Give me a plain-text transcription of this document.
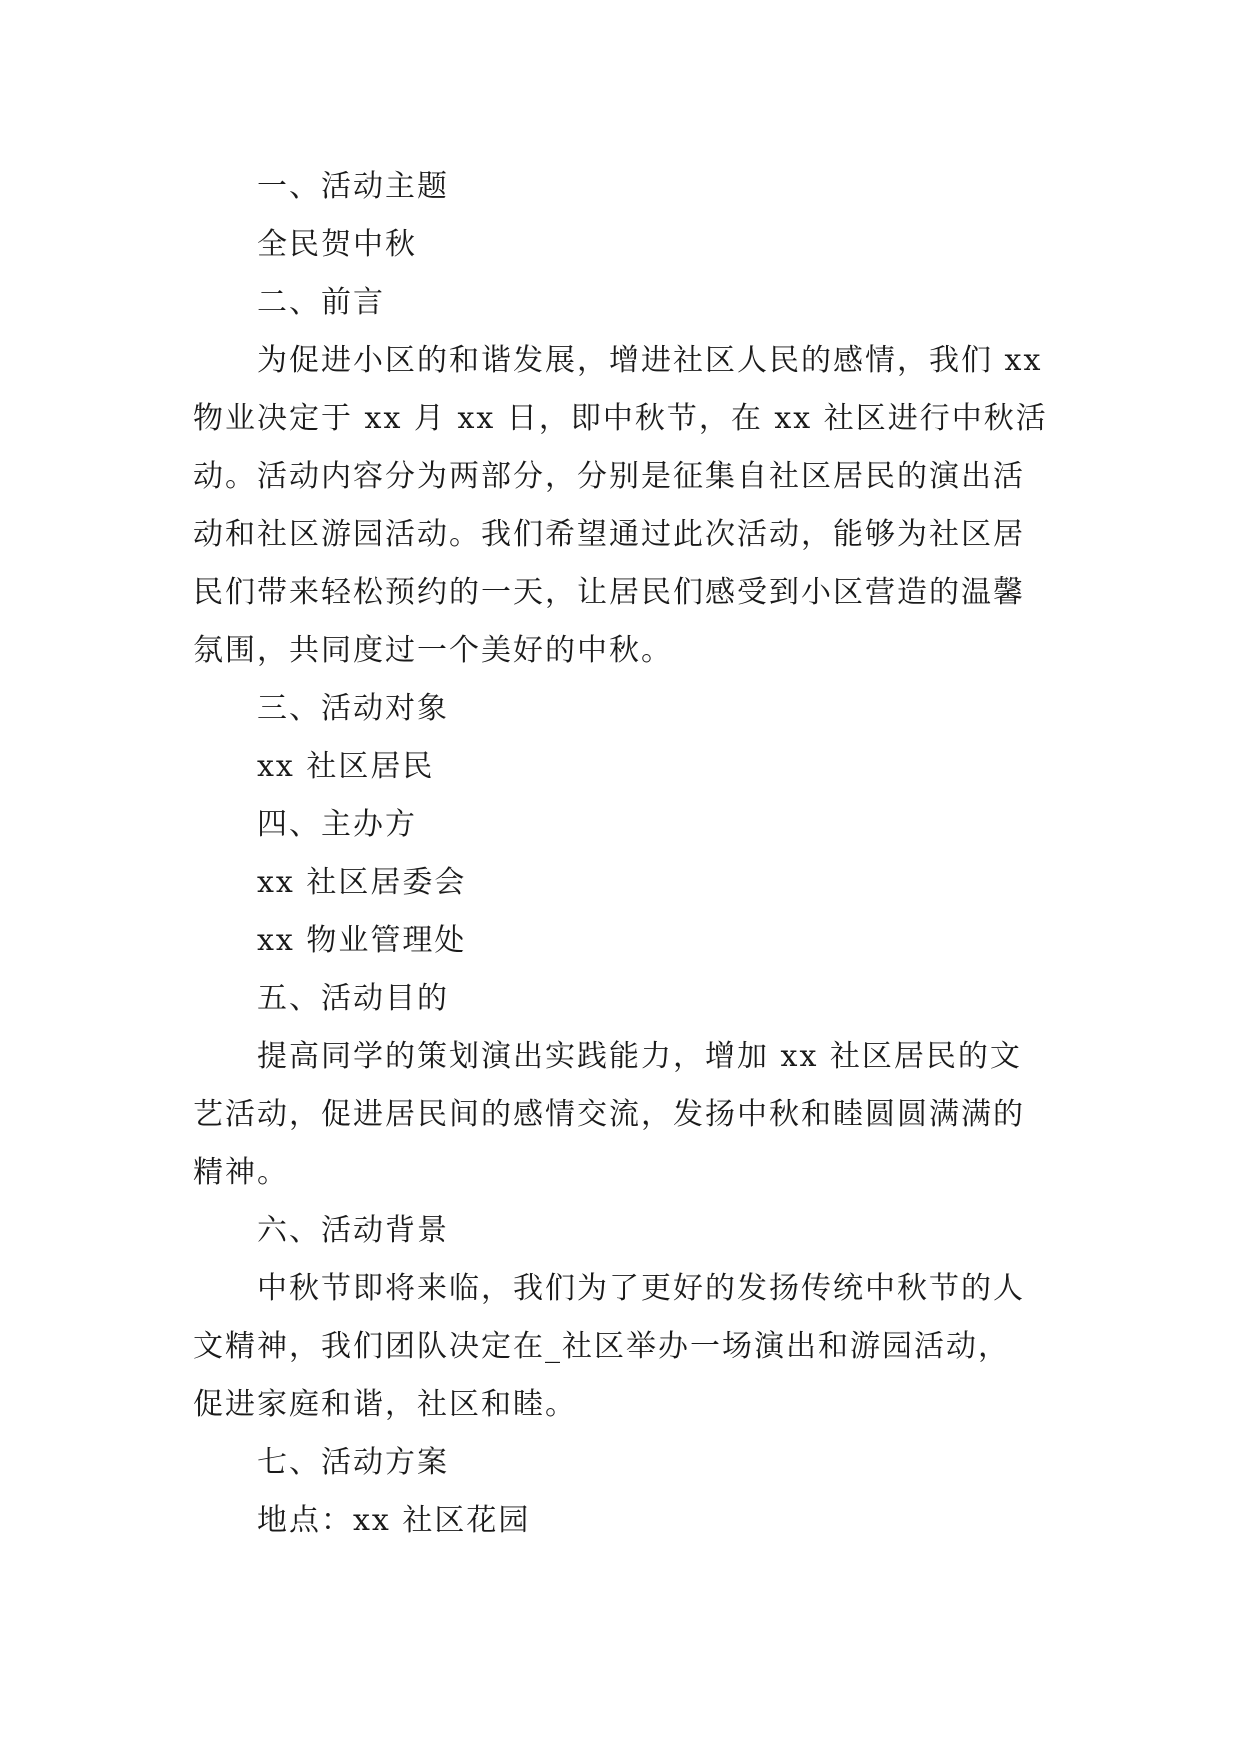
一、活动主题

全民贺中秋

二、前言

为促进小区的和谐发展，增进社区人民的感情，我们 xx
物业决定于 xx 月 xx 日，即中秋节，在 xx 社区进行中秋活
动。活动内容分为两部分，分别是征集自社区居民的演出活
动和社区游园活动。我们希望通过此次活动，能够为社区居
民们带来轻松预约的一天，让居民们感受到小区营造的温馨
氛围，共同度过一个美好的中秋。

三、活动对象

xx 社区居民

四、主办方

xx 社区居委会

xx 物业管理处

五、活动目的

提高同学的策划演出实践能力，增加 xx 社区居民的文
艺活动，促进居民间的感情交流，发扬中秋和睦圆圆满满的
精神。

六、活动背景

中秋节即将来临，我们为了更好的发扬传统中秋节的人
文精神，我们团队决定在_社区举办一场演出和游园活动，
促进家庭和谐，社区和睦。

七、活动方案

地点：xx 社区花园
